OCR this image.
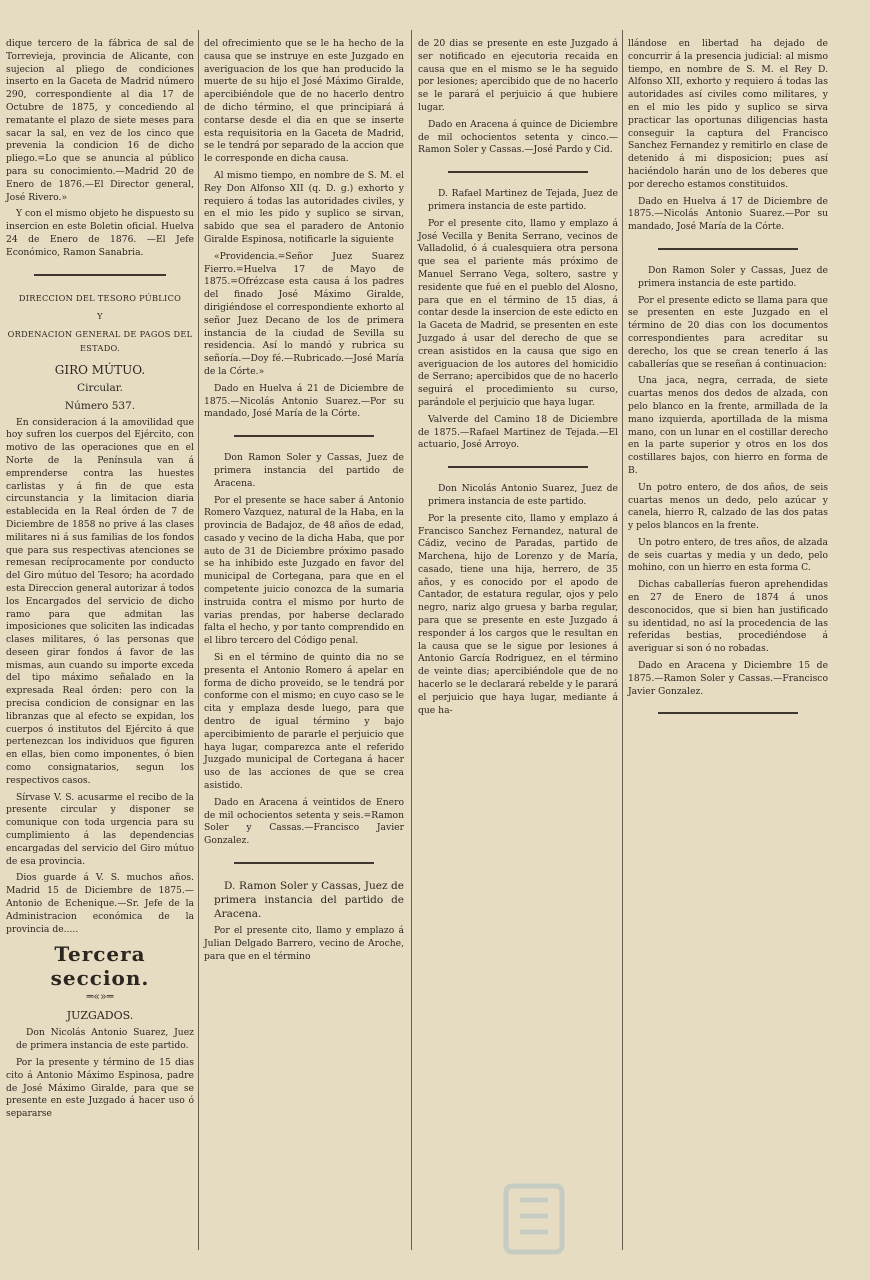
dique tercero de la fábrica de sal de Torrevieja, provincia de Alicante, con sujecion al pliego de condiciones inserto en la Gaceta de Madrid número 290, correspondiente al dia 17 de Octubre de 1875, y concediendo al rematante el plazo de siete meses para sacar la sal, en vez de los cinco que prevenia la condicion 16 de dicho pliego.=Lo que se anuncia al público para su conocimiento.—Madrid 20 de Enero de 1876.—El Director general, José Rivero.»

Y con el mismo objeto he dispuesto su insercion en este Boletin oficial. Huelva 24 de Enero de 1876. —El Jefe Económico, Ramon Sanabria.

DIRECCION DEL TESORO PÚBLICO
Y
ORDENACION GENERAL DE PAGOS DEL ESTADO.
GIRO MÚTUO.
Circular.
Número 537.

En consideracion á la amovilidad que hoy sufren los cuerpos del Ejército, con motivo de las operaciones que en el Norte de la Península van á emprenderse contra las huestes carlistas y á fin de que esta circunstancia y la limitacion diaria establecida en la Real órden de 7 de Diciembre de 1858 no prive á las clases militares ni á sus familias de los fondos que para sus respectivas atenciones se remesan recíprocamente por conducto del Giro mútuo del Tesoro; ha acordado esta Direccion general autorizar á todos los Encargados del servicio de dicho ramo para que admitan las imposiciones que soliciten las indicadas clases militares, ó las personas que deseen girar fondos á favor de las mismas, aun cuando su importe exceda del tipo máximo señalado en la expresada Real órden: pero con la precisa condicion de consignar en las libranzas que al efecto se expidan, los cuerpos ó institutos del Ejército á que pertenezcan los individuos que figuren en ellas, bien como imponentes, ó bien como consignatarios, segun los respectivos casos.

Sírvase V. S. acusarme el recibo de la presente circular y disponer se comunique con toda urgencia para su cumplimiento á las dependencias encargadas del servicio del Giro mútuo de esa provincia.

Dios guarde á V. S. muchos años. Madrid 15 de Diciembre de 1875.—Antonio de Echenique.—Sr. Jefe de la Administracion económica de la provincia de.....

Tercera seccion.
═«»═
JUZGADOS.

Don Nicolás Antonio Suarez, Juez de primera instancia de este partido.

Por la presente y término de 15 dias cito á Antonio Máximo Espinosa, padre de José Máximo Giralde, para que se presente en este Juzgado á hacer uso ó separarse

del ofrecimiento que se le ha hecho de la causa que se instruye en este Juzgado en averiguacion de los que han producido la muerte de su hijo el José Máximo Giralde, apercibiéndole que de no hacerlo dentro de dicho término, el que principiará á contarse desde el dia en que se inserte esta requisitoria en la Gaceta de Madrid, se le tendrá por separado de la accion que le corresponde en dicha causa.

Al mismo tiempo, en nombre de S. M. el Rey Don Alfonso XII (q. D. g.) exhorto y requiero á todas las autoridades civiles, y en el mio les pido y suplico se sirvan, sabido que sea el paradero de Antonio Giralde Espinosa, notificarle la siguiente

«Providencia.=Señor Juez Suarez Fierro.=Huelva 17 de Mayo de 1875.=Ofrézcase esta causa á los padres del finado José Máximo Giralde, dirigiéndose el correspondiente exhorto al señor Juez Decano de los de primera instancia de la ciudad de Sevilla su residencia. Así lo mandó y rubrica su señoría.—Doy fé.—Rubricado.—José María de la Córte.»

Dado en Huelva á 21 de Diciembre de 1875.—Nicolás Antonio Suarez.—Por su mandado, José María de la Córte.

Don Ramon Soler y Cassas, Juez de primera instancia del partido de Aracena.

Por el presente se hace saber á Antonio Romero Vazquez, natural de la Haba, en la provincia de Badajoz, de 48 años de edad, casado y vecino de la dicha Haba, que por auto de 31 de Diciembre próximo pasado se ha inhibido este Juzgado en favor del municipal de Cortegana, para que en el competente juicio conozca de la sumaria instruida contra el mismo por hurto de varias prendas, por haberse declarado falta el hecho, y por tanto comprendido en el libro tercero del Código penal.

Si en el término de quinto dia no se presenta el Antonio Romero á apelar en forma de dicho proveido, se le tendrá por conforme con el mismo; en cuyo caso se le cita y emplaza desde luego, para que dentro de igual término y bajo apercibimiento de pararle el perjuicio que haya lugar, comparezca ante el referido Juzgado municipal de Cortegana á hacer uso de las acciones de que se crea asistido.

Dado en Aracena á veintidos de Enero de mil ochocientos setenta y seis.=Ramon Soler y Cassas.—Francisco Javier Gonzalez.

D. Ramon Soler y Cassas, Juez de primera instancia del partido de Aracena.

Por el presente cito, llamo y emplazo á Julian Delgado Barrero, vecino de Aroche, para que en el término

de 20 dias se presente en este Juzgado á ser notificado en ejecutoria recaida en causa que en el mismo se le ha seguido por lesiones; apercibido que de no hacerlo se le parará el perjuicio á que hubiere lugar.

Dado en Aracena á quince de Diciembre de mil ochocientos setenta y cinco.—Ramon Soler y Cassas.—José Pardo y Cid.

D. Rafael Martinez de Tejada, Juez de primera instancia de este partido.

Por el presente cito, llamo y emplazo á José Vecilla y Benita Serrano, vecinos de Valladolid, ó á cualesquiera otra persona que sea el pariente más próximo de Manuel Serrano Vega, soltero, sastre y residente que fué en el pueblo del Alosno, para que en el término de 15 dias, á contar desde la insercion de este edicto en la Gaceta de Madrid, se presenten en este Juzgado á usar del derecho de que se crean asistidos en la causa que sigo en averiguacion de los autores del homicidio de Serrano; apercibidos que de no hacerlo seguirá el procedimiento su curso, parándole el perjuicio que haya lugar.

Valverde del Camino 18 de Diciembre de 1875.—Rafael Martinez de Tejada.—El actuario, José Arroyo.

Don Nicolás Antonio Suarez, Juez de primera instancia de este partido.

Por la presente cito, llamo y emplazo á Francisco Sanchez Fernandez, natural de Cádiz, vecino de Paradas, partido de Marchena, hijo de Lorenzo y de María, casado, tiene una hija, herrero, de 35 años, y es conocido por el apodo de Cantador, de estatura regular, ojos y pelo negro, nariz algo gruesa y barba regular, para que se presente en este Juzgado á responder á los cargos que le resultan en la causa que se le sigue por lesiones á Antonio García Rodriguez, en el término de veinte dias; apercibiéndole que de no hacerlo se le declarará rebelde y le parará el perjuicio que haya lugar, mediante á que ha-

llándose en libertad ha dejado de concurrir á la presencia judicial: al mismo tiempo, en nombre de S. M. el Rey D. Alfonso XII, exhorto y requiero á todas las autoridades así civiles como militares, y en el mio les pido y suplico se sirva practicar las oportunas diligencias hasta conseguir la captura del Francisco Sanchez Fernandez y remitirlo en clase de detenido á mi disposicion; pues así haciéndolo harán uno de los deberes que por derecho estamos constituidos.

Dado en Huelva á 17 de Diciembre de 1875.—Nicolás Antonio Suarez.—Por su mandado, José María de la Córte.

Don Ramon Soler y Cassas, Juez de primera instancia de este partido.

Por el presente edicto se llama para que se presenten en este Juzgado en el término de 20 dias con los documentos correspondientes para acreditar su derecho, los que se crean tenerlo á las caballerías que se reseñan á continuacion:

Una jaca, negra, cerrada, de siete cuartas menos dos dedos de alzada, con pelo blanco en la frente, armillada de la mano izquierda, aportillada de la misma mano, con un lunar en el costillar derecho en la parte superior y otros en los dos costillares bajos, con hierro en forma de B.

Un potro entero, de dos años, de seis cuartas menos un dedo, pelo azúcar y canela, hierro R, calzado de las dos patas y pelos blancos en la frente.

Un potro entero, de tres años, de alzada de seis cuartas y media y un dedo, pelo mohino, con un hierro en esta forma C.

Dichas caballerías fueron aprehendidas en 27 de Enero de 1874 á unos desconocidos, que si bien han justificado su identidad, no así la procedencia de las referidas bestias, procediéndose á averiguar si son ó no robadas.

Dado en Aracena y Diciembre 15 de 1875.—Ramon Soler y Cassas.—Francisco Javier Gonzalez.
